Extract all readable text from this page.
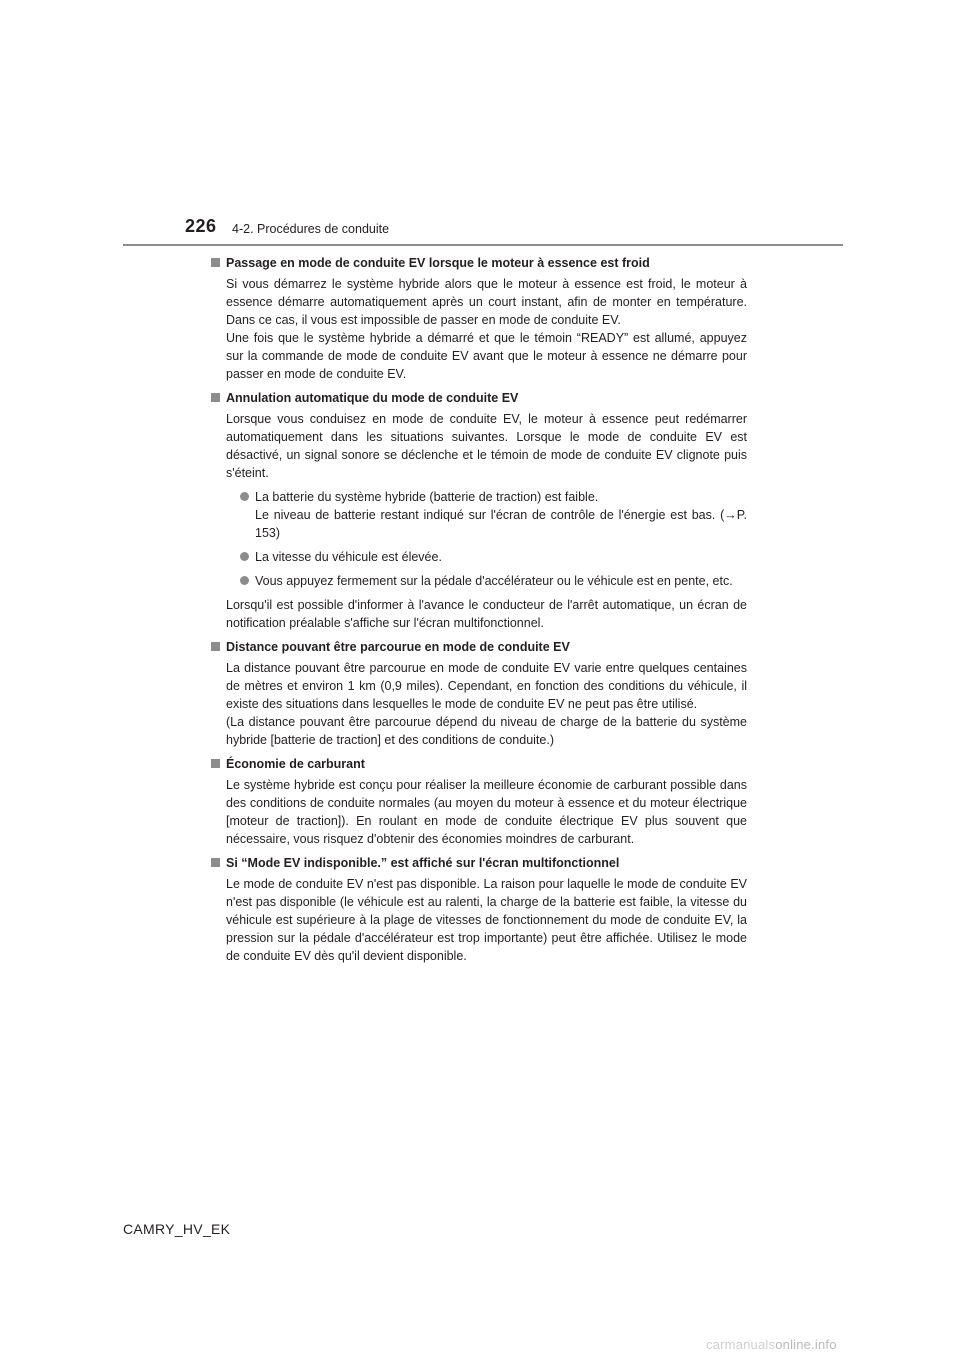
226 4-2. Procédures de conduite
Passage en mode de conduite EV lorsque le moteur à essence est froid
Si vous démarrez le système hybride alors que le moteur à essence est froid, le moteur à essence démarre automatiquement après un court instant, afin de monter en température. Dans ce cas, il vous est impossible de passer en mode de conduite EV.
Une fois que le système hybride a démarré et que le témoin “READY” est allumé, appuyez sur la commande de mode de conduite EV avant que le moteur à essence ne démarre pour passer en mode de conduite EV.
Annulation automatique du mode de conduite EV
Lorsque vous conduisez en mode de conduite EV, le moteur à essence peut redémarrer automatiquement dans les situations suivantes. Lorsque le mode de conduite EV est désactivé, un signal sonore se déclenche et le témoin de mode de conduite EV clignote puis s'éteint.
La batterie du système hybride (batterie de traction) est faible.
Le niveau de batterie restant indiqué sur l'écran de contrôle de l'énergie est bas. (→P. 153)
La vitesse du véhicule est élevée.
Vous appuyez fermement sur la pédale d'accélérateur ou le véhicule est en pente, etc.
Lorsqu'il est possible d'informer à l'avance le conducteur de l'arrêt automatique, un écran de notification préalable s'affiche sur l'écran multifonctionnel.
Distance pouvant être parcourue en mode de conduite EV
La distance pouvant être parcourue en mode de conduite EV varie entre quelques centaines de mètres et environ 1 km (0,9 miles). Cependant, en fonction des conditions du véhicule, il existe des situations dans lesquelles le mode de conduite EV ne peut pas être utilisé.
(La distance pouvant être parcourue dépend du niveau de charge de la batterie du système hybride [batterie de traction] et des conditions de conduite.)
Économie de carburant
Le système hybride est conçu pour réaliser la meilleure économie de carburant possible dans des conditions de conduite normales (au moyen du moteur à essence et du moteur électrique [moteur de traction]). En roulant en mode de conduite électrique EV plus souvent que nécessaire, vous risquez d'obtenir des économies moindres de carburant.
Si “Mode EV indisponible.” est affiché sur l'écran multifonctionnel
Le mode de conduite EV n'est pas disponible. La raison pour laquelle le mode de conduite EV n'est pas disponible (le véhicule est au ralenti, la charge de la batterie est faible, la vitesse du véhicule est supérieure à la plage de vitesses de fonctionnement du mode de conduite EV, la pression sur la pédale d'accélérateur est trop importante) peut être affichée. Utilisez le mode de conduite EV dès qu'il devient disponible.
CAMRY_HV_EK
carmanualsonline.info
